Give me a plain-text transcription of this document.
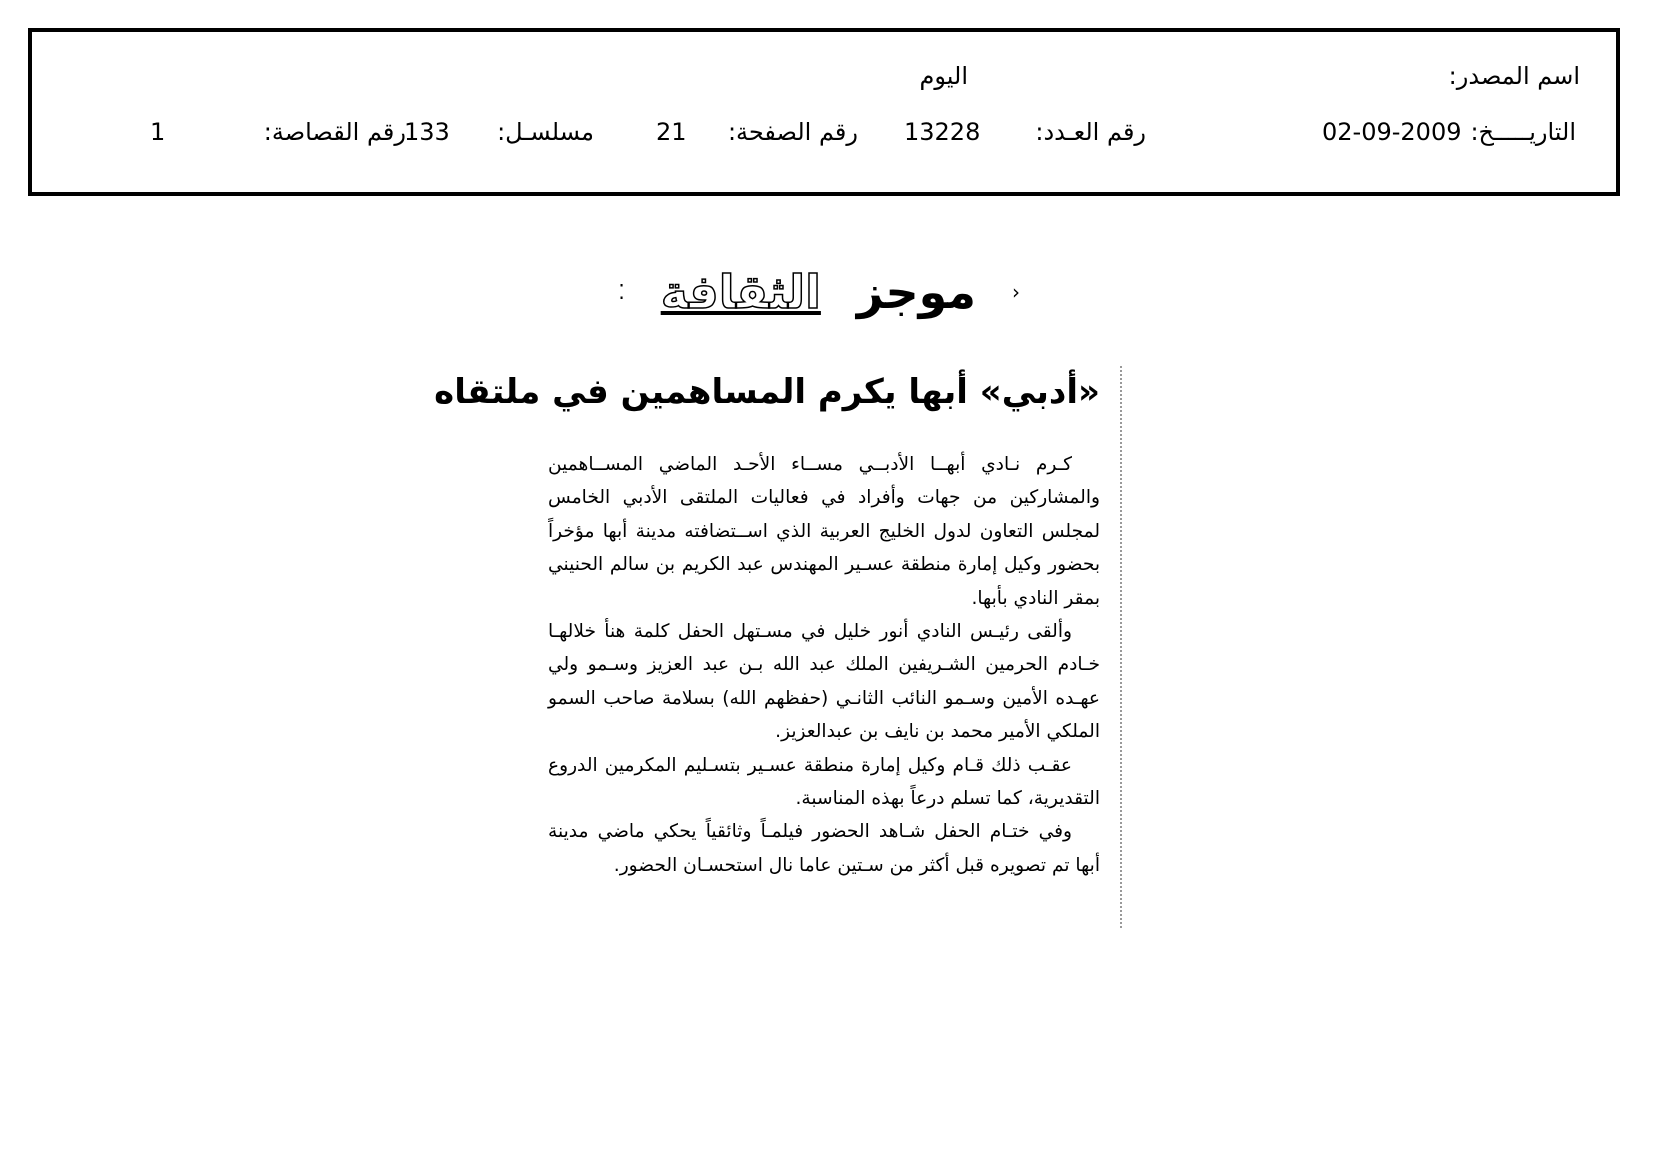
اسم المصدر:
اليوم
التاريـــــخ:
02-09-2009
رقم العـدد:
13228
رقم الصفحة:
21
مسلسـل:
133
رقم القصاصة:
1
‹
موجز
الثقافة
⁚
«أدبي» أبها يكرم المساهمين في ملتقاه

كـرم نـادي أبهــا الأدبــي مســاء الأحـد الماضي المســاهمين والمشاركين من جهات وأفراد في فعاليات الملتقى الأدبي الخامس لمجلس التعاون لدول الخليج العربية الذي اســتضافته مدينة أبها مؤخراً بحضور وكيل إمارة منطقة عسـير المهندس عبد الكريم بن سالم الحنيني بمقر النادي بأبها.

وألقى رئيـس النادي أنور خليل في مسـتهل الحفل كلمة هنأ خلالهـا خـادم الحرمين الشـريفين الملك عبد الله بـن عبد العزيز وسـمو ولي عهـده الأمين وسـمو النائب الثانـي (حفظهم الله) بسلامة صاحب السمو الملكي الأمير محمد بن نايف بن عبدالعزيز.

عقـب ذلك قـام وكيل إمارة منطقة عسـير بتسـليم المكرمين الدروع التقديرية، كما تسلم درعاً بهذه المناسبة.

وفي ختـام الحفل شـاهد الحضور فيلمـاً وثائقياً يحكي ماضي مدينة أبها تم تصويره قبل أكثر من سـتين عاما نال استحسـان الحضور.
